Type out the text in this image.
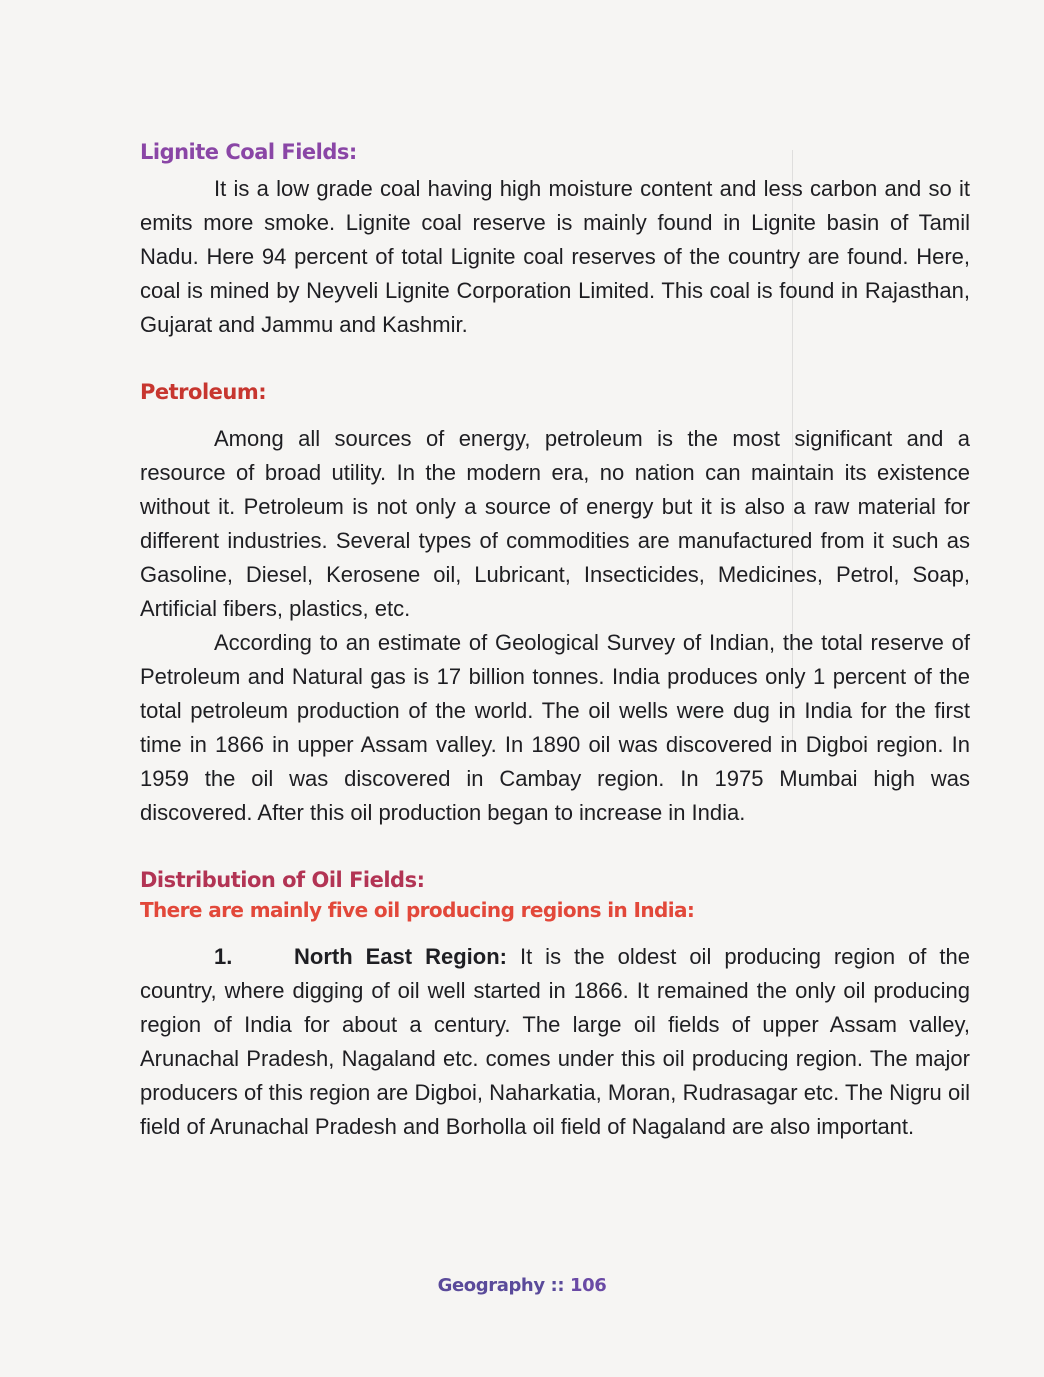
Lignite Coal Fields:

It is a low grade coal having high moisture content and less carbon and so it emits more smoke. Lignite coal reserve is mainly found in Lignite basin of Tamil Nadu. Here 94 percent of total Lignite coal reserves of the country are found. Here, coal is mined by Neyveli Lignite Corporation Limited. This coal is found in Rajasthan, Gujarat and Jammu and Kashmir.

Petroleum:

Among all sources of energy, petroleum is the most significant and a resource of broad utility. In the modern era, no nation can maintain its existence without it. Petroleum is not only a source of energy but it is also a raw material for different industries. Several types of commodities are manufactured from it such as Gasoline, Diesel, Kerosene oil, Lubricant, Insecticides, Medicines, Petrol, Soap, Artificial fibers, plastics, etc.

According to an estimate of Geological Survey of Indian, the total reserve of Petroleum and Natural gas is 17 billion tonnes. India produces only 1 percent of the total petroleum production of the world. The oil wells were dug in India for the first time in 1866 in upper Assam valley. In 1890 oil was discovered in Digboi region. In 1959 the oil was discovered in Cambay region. In 1975 Mumbai high was discovered. After this oil production began to increase in India.

Distribution of Oil Fields:
There are mainly five oil producing regions in India:

1.	North East Region: It is the oldest oil producing region of the country, where digging of oil well started in 1866. It remained the only oil producing region of India for about a century. The large oil fields of upper Assam valley, Arunachal Pradesh, Nagaland etc. comes under this oil producing region. The major producers of this region are Digboi, Naharkatia, Moran, Rudrasagar etc. The Nigru oil field of Arunachal Pradesh and Borholla oil field of Nagaland are also important.

Geography :: 106
